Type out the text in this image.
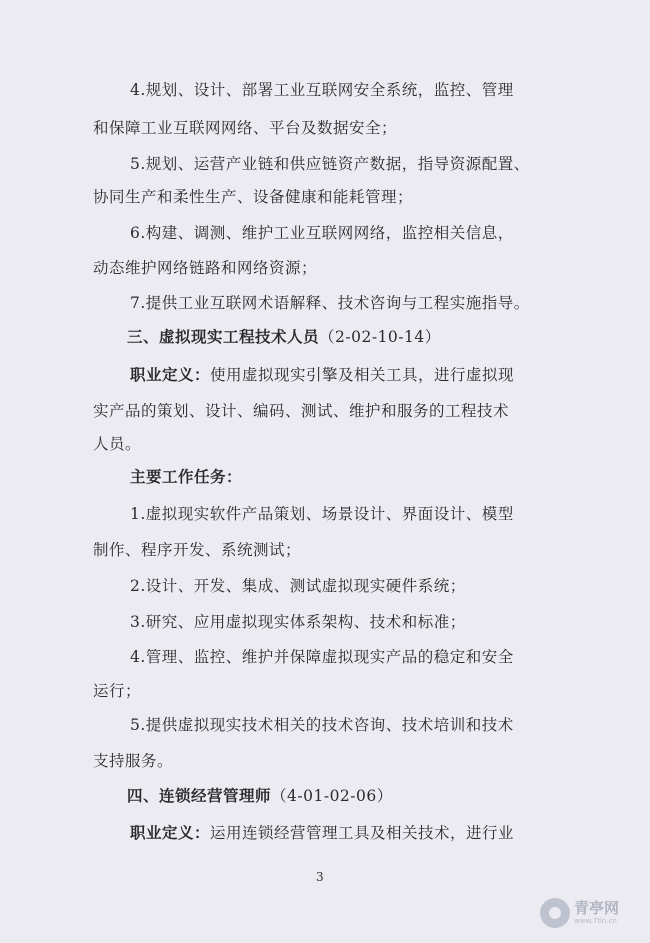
4.规划、设计、部署工业互联网安全系统，监控、管理
和保障工业互联网网络、平台及数据安全；
5.规划、运营产业链和供应链资产数据，指导资源配置、
协同生产和柔性生产、设备健康和能耗管理；
6.构建、调测、维护工业互联网网络，监控相关信息，
动态维护网络链路和网络资源；
7.提供工业互联网术语解释、技术咨询与工程实施指导。
三、虚拟现实工程技术人员（2-02-10-14）
职业定义：使用虚拟现实引擎及相关工具，进行虚拟现
实产品的策划、设计、编码、测试、维护和服务的工程技术
人员。
主要工作任务：
1.虚拟现实软件产品策划、场景设计、界面设计、模型
制作、程序开发、系统测试；
2.设计、开发、集成、测试虚拟现实硬件系统；
3.研究、应用虚拟现实体系架构、技术和标准；
4.管理、监控、维护并保障虚拟现实产品的稳定和安全
运行；
5.提供虚拟现实技术相关的技术咨询、技术培训和技术
支持服务。
四、连锁经营管理师（4-01-02-06）
职业定义：运用连锁经营管理工具及相关技术，进行业
3
青亭网
www.7tin.cn
